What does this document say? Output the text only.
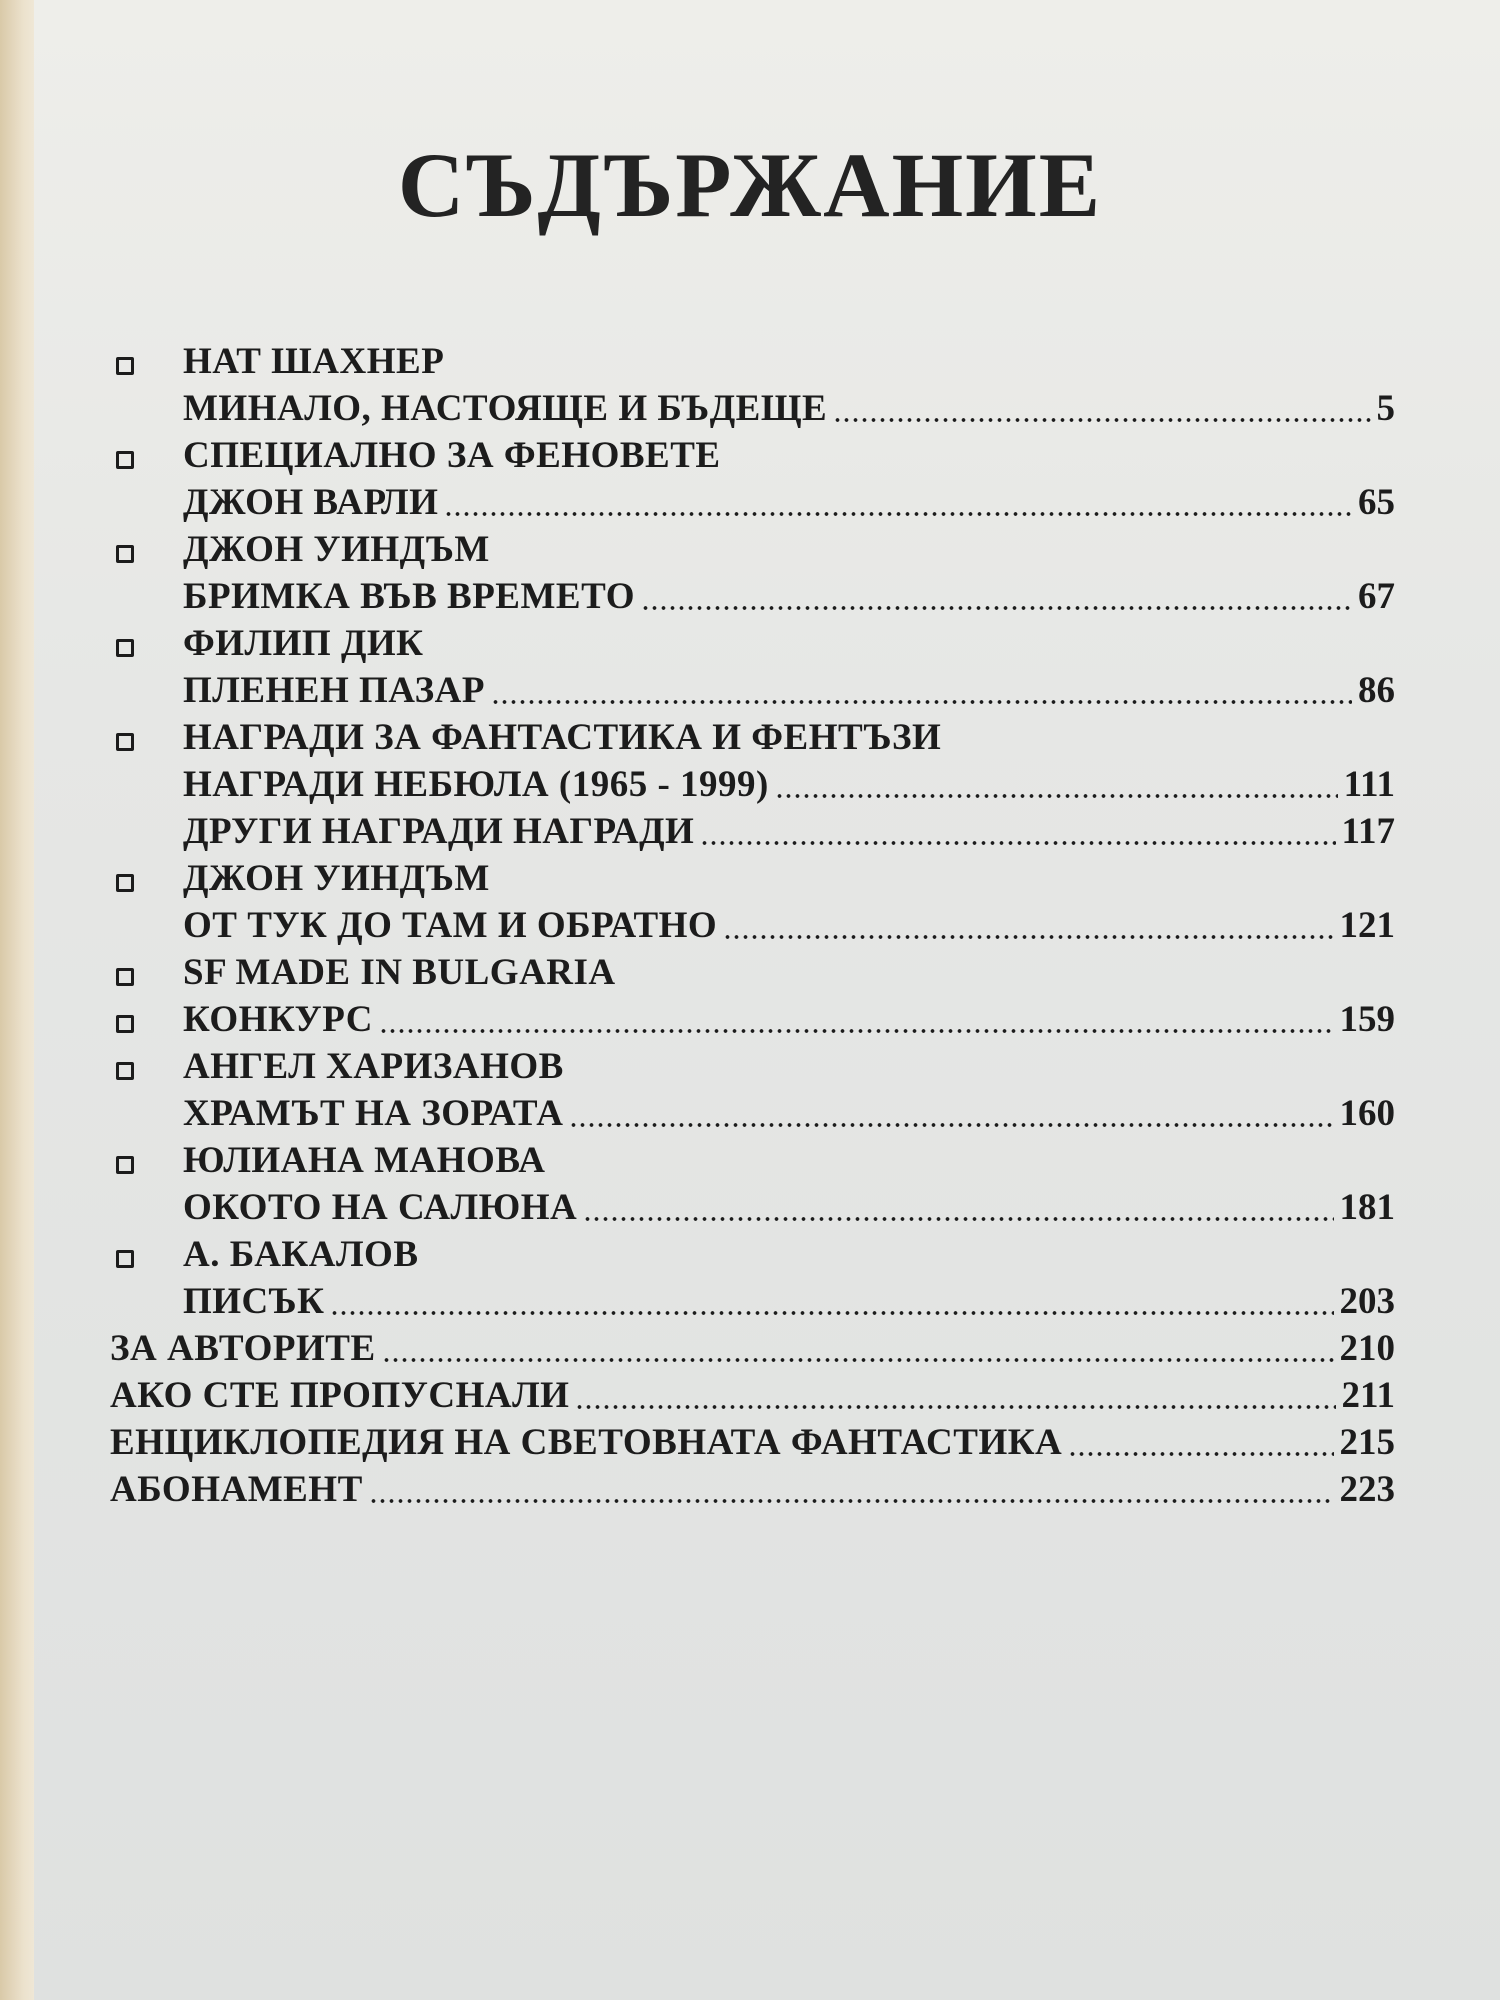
СЪДЪРЖАНИЕ
НАТ ШАХНЕР
МИНАЛО, НАСТОЯЩЕ И БЪДЕЩЕ	5
СПЕЦИАЛНО ЗА ФЕНОВЕТЕ
ДЖОН ВАРЛИ	65
ДЖОН УИНДЪМ
БРИМКА ВЪВ ВРЕМЕТО	67
ФИЛИП ДИК
ПЛЕНЕН ПАЗАР	86
НАГРАДИ ЗА ФАНТАСТИКА И ФЕНТЪЗИ
НАГРАДИ НЕБЮЛА (1965 - 1999)	111
ДРУГИ НАГРАДИ НАГРАДИ	117
ДЖОН УИНДЪМ
ОТ ТУК ДО ТАМ И ОБРАТНО	121
SF MADE IN BULGARIA
КОНКУРС	159
АНГЕЛ ХАРИЗАНОВ
ХРАМЪТ НА ЗОРАТА	160
ЮЛИАНА МАНОВА
ОКОТО НА САЛЮНА	181
А. БАКАЛОВ
ПИСЪК	203
ЗА АВТОРИТЕ	210
АКО СТЕ ПРОПУСНАЛИ	211
ЕНЦИКЛОПЕДИЯ НА СВЕТОВНАТА ФАНТАСТИКА	215
АБОНАМЕНТ	223
